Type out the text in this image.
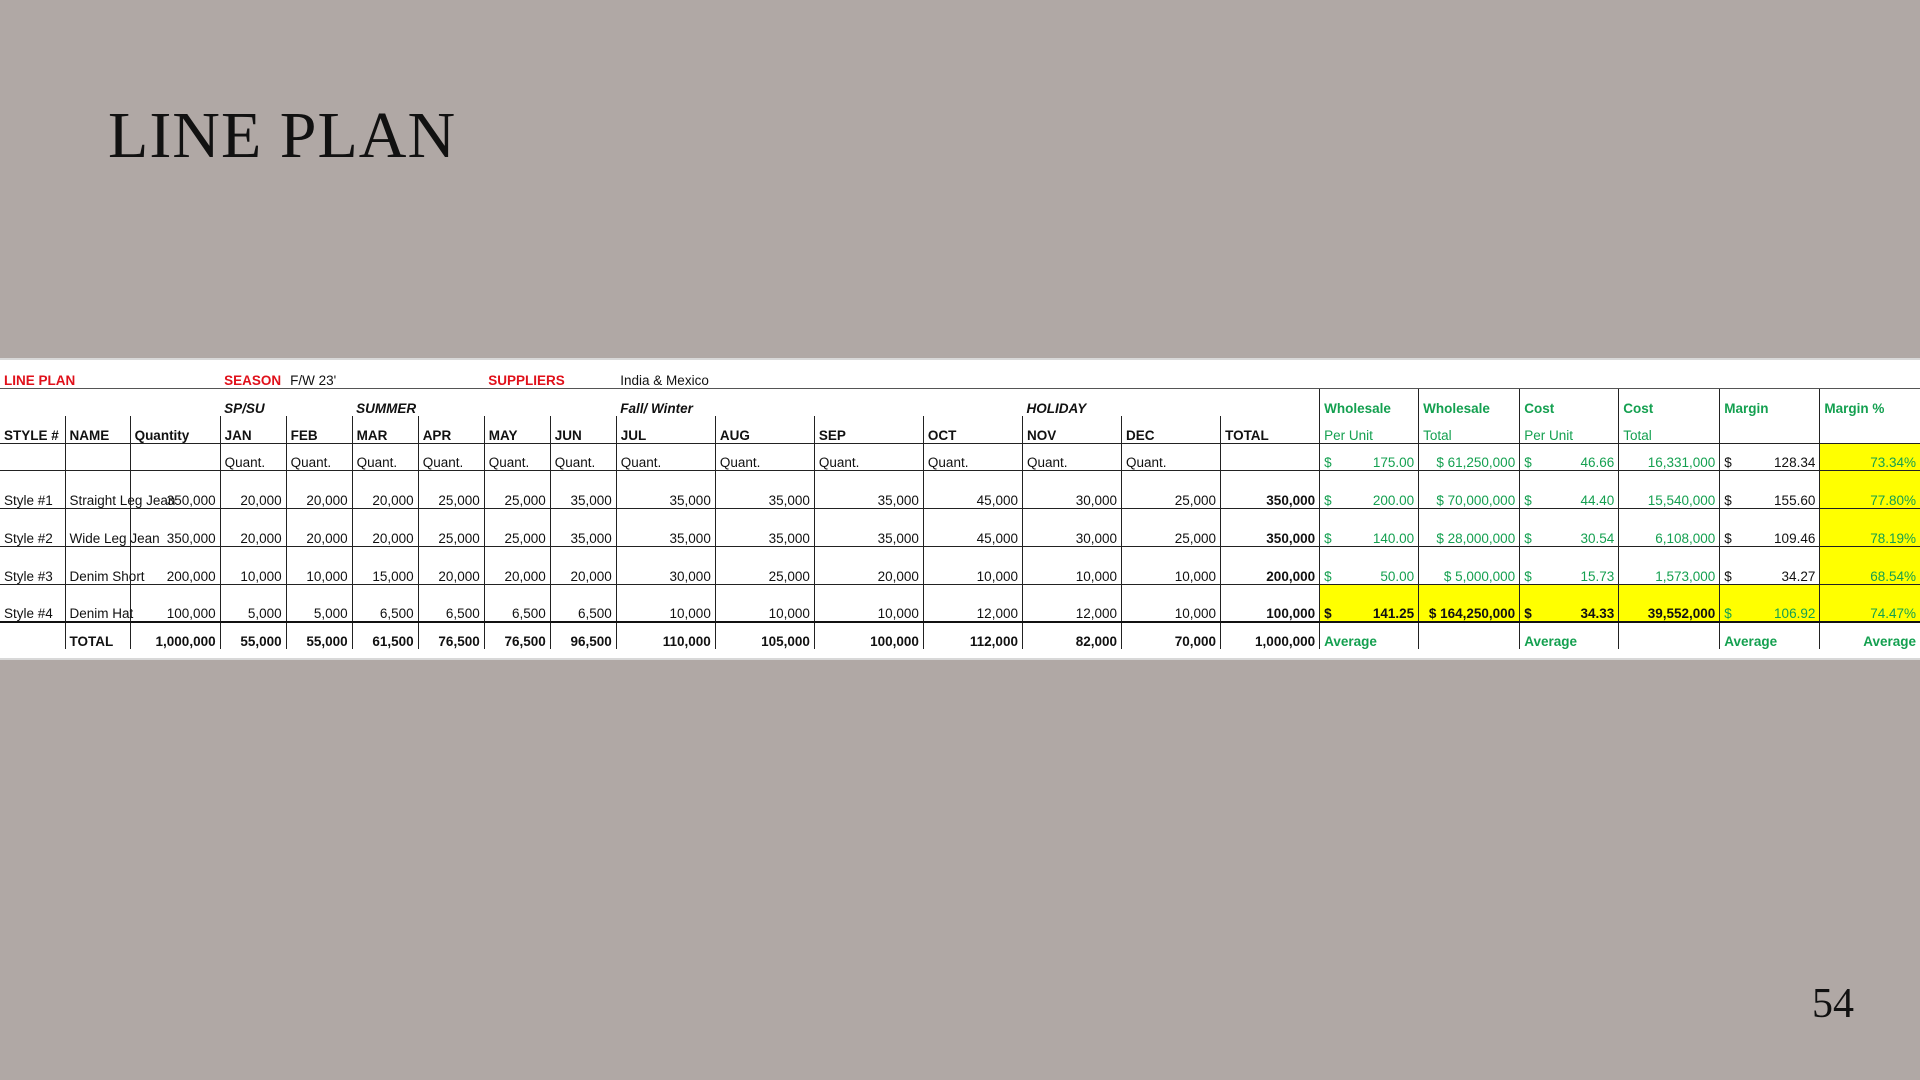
LINE PLAN
LINE PLAN			SEASON	F/W 23'			SUPPLIERS		India & Mexico												
			SP/SU		SUMMER				Fall/ Winter				HOLIDAY			Wholesale	Wholesale	Cost	Cost	Margin	Margin %
STYLE #	NAME	Quantity	JAN	FEB	MAR	APR	MAY	JUN	JUL	AUG	SEP	OCT	NOV	DEC	TOTAL	Per Unit	Total	Per Unit	Total		
			Quant.	Quant.	Quant.	Quant.	Quant.	Quant.	Quant.	Quant.	Quant.	Quant.	Quant.	Quant.		$ 175.00	$ 61,250,000	$ 46.66	16,331,000	$ 128.34	73.34%
Style #1	Straight Leg Jean	350,000	20,000	20,000	20,000	25,000	25,000	35,000	35,000	35,000	35,000	45,000	30,000	25,000	350,000	$ 200.00	$ 70,000,000	$ 44.40	15,540,000	$ 155.60	77.80%
Style #2	Wide Leg Jean	350,000	20,000	20,000	20,000	25,000	25,000	35,000	35,000	35,000	35,000	45,000	30,000	25,000	350,000	$ 140.00	$ 28,000,000	$ 30.54	6,108,000	$ 109.46	78.19%
Style #3	Denim Short	200,000	10,000	10,000	15,000	20,000	20,000	20,000	30,000	25,000	20,000	10,000	10,000	10,000	200,000	$ 50.00	$ 5,000,000	$ 15.73	1,573,000	$ 34.27	68.54%
Style #4	Denim Hat	100,000	5,000	5,000	6,500	6,500	6,500	6,500	10,000	10,000	10,000	12,000	12,000	10,000	100,000	$ 141.25	$ 164,250,000	$ 34.33	39,552,000	$ 106.92	74.47%
	TOTAL	1,000,000	55,000	55,000	61,500	76,500	76,500	96,500	110,000	105,000	100,000	112,000	82,000	70,000	1,000,000	Average		Average		Average	Average
54
